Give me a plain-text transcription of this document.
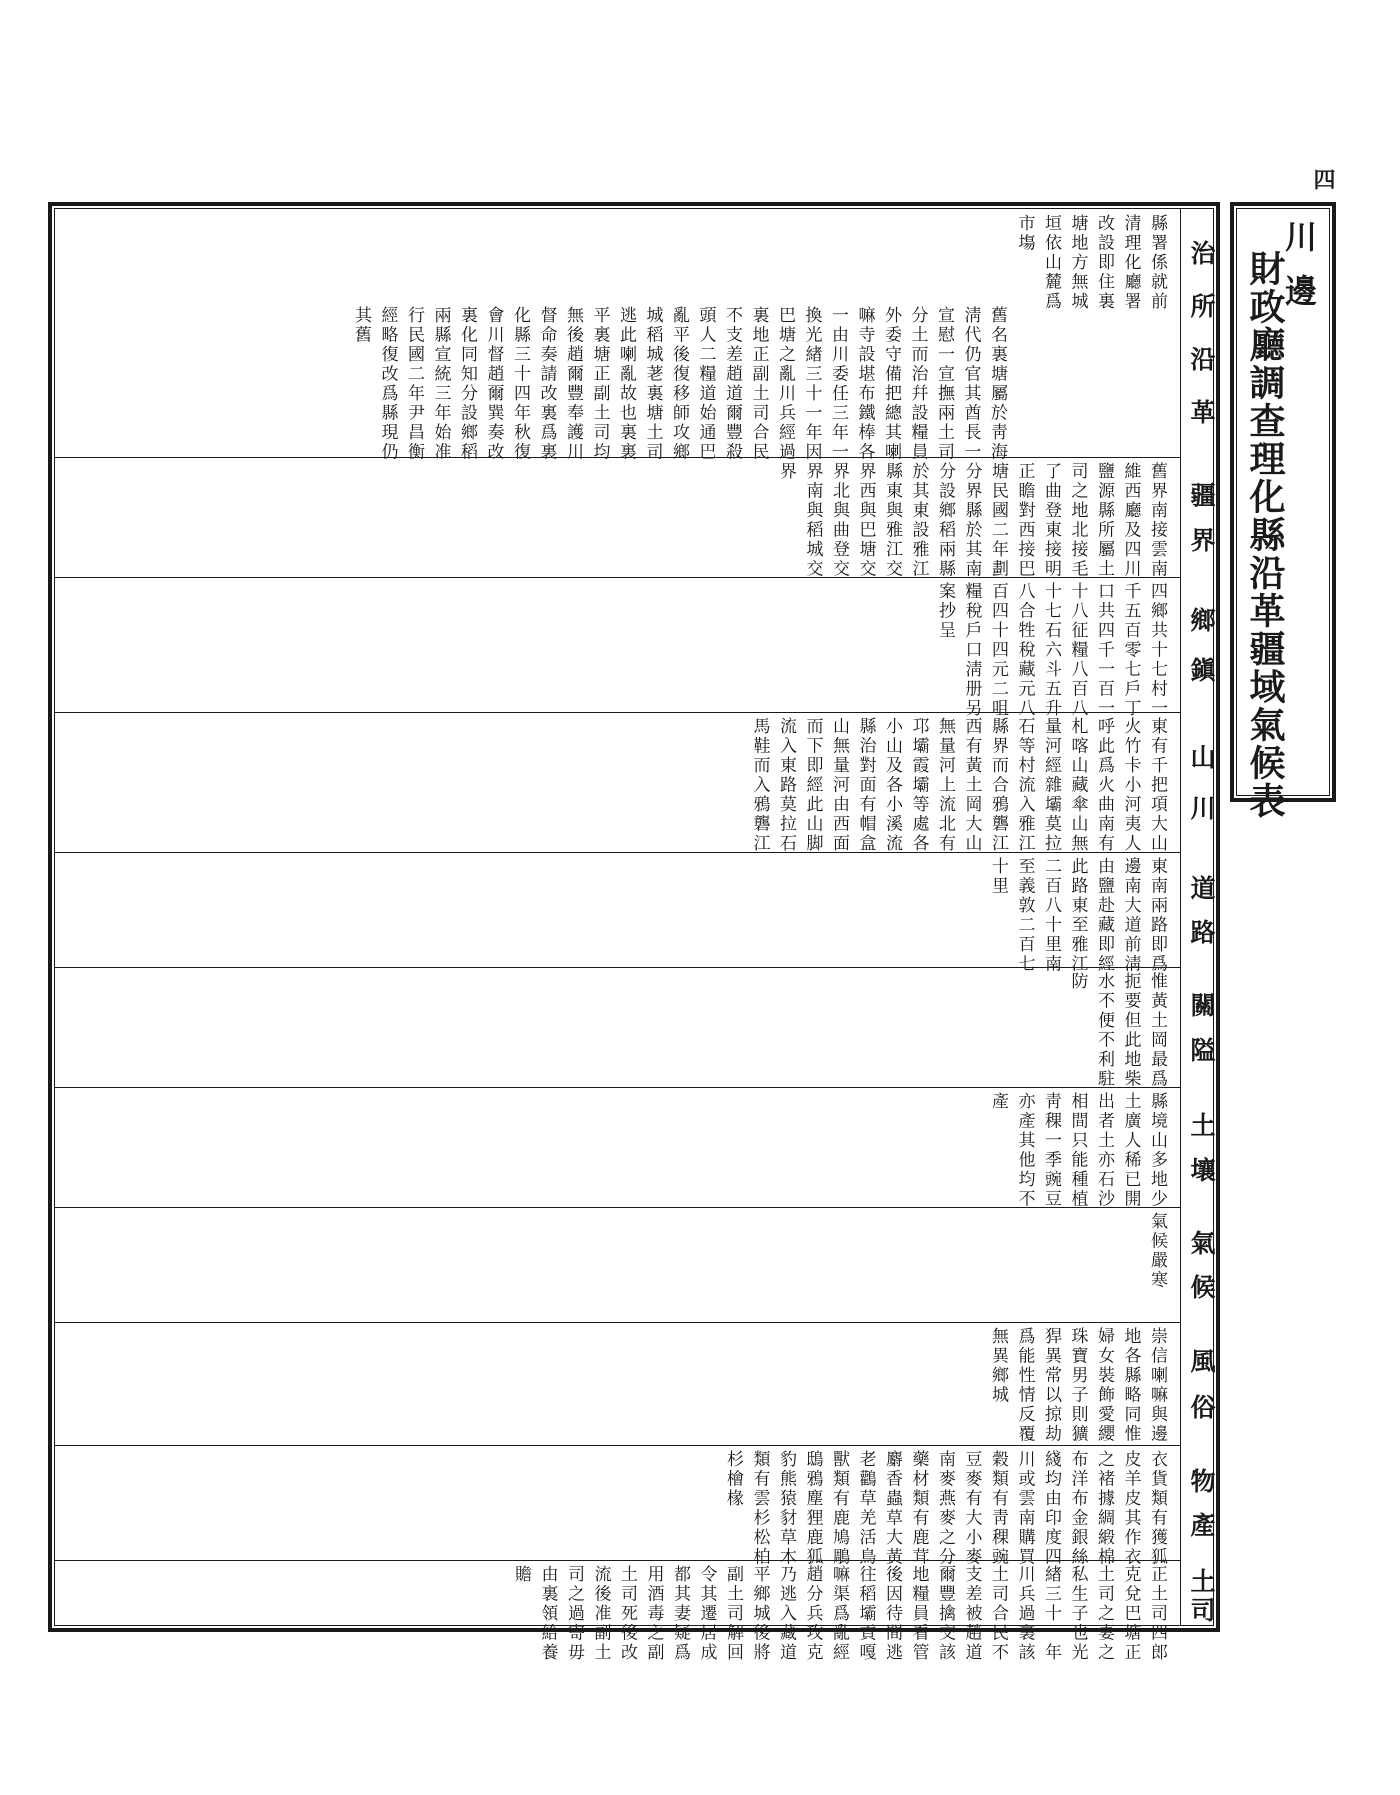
四
川邊
財政廳調查理化縣沿革疆域氣候表
治
所
沿
革
疆
界
鄉
鎭
山
川
道
路
關
隘
土
壤
氣
候
風
俗
物
產
土
司
縣署係就前
清理化廳署
改設即住裏
塘地方無城
垣依山麓爲
市塲
舊名裏塘屬於靑海
淸代仍官其酋長一
宣慰一宣撫兩土司
分土而治幷設糧員
外委守備把總其喇
嘛寺設堪布鐵棒各
一由川委任三年一
換光緖三十一年因
巴塘之亂川兵經過
裏地正副土司合民
不支差趙道爾豐殺
頭人二糧道始通巴
亂平後復移師攻鄉
城稻城荖裏塘土司
逃此喇亂故也裏裏
平裏塘正副土司均
無後趙爾豐奉護川
督命奏請改裏爲裏
化縣三十四年秋復
會川督趙爾巽奏改
裏化同知分設鄉稻
兩縣宣統三年始准
行民國二年尹昌衡
經略復改爲縣現仍
其舊
舊界南接雲南
維西廳及四川
鹽源縣所屬土
司之地北接毛
了曲登東接明
正瞻對西接巴
塘民國二年劃
分界縣於其南
分設鄉稻兩縣
於其東設雅江
縣東與雅江交
界西與巴塘交
界北與曲登交
界南與稻城交
界
四鄉共十七村一
千五百零七戶丁
口共四千一百一
十八征糧八百八
十七石六斗五升
八合牲稅藏元八
百四十四元二咀
糧稅戶口淸册另
案抄呈
東有千把項大山
火竹卡小河夷人
呼此爲火曲南有
札喀山藏傘山無
量河經雜壩莫拉
石等村流入雅江
縣界而合鴉礱江
西有黃土岡大山
無量河上流北有
邛壩霞壩等處各
小山及各小溪流
縣治對面有帽盒
山無量河由西面
而下即經此山脚
流入東路莫拉石
馬鞋而入鴉礱江
東南兩路即爲
邊南大道前淸
由鹽赴藏即經
此路東至雅江
二百八十里南
至義敦二百七
十里
惟黃土岡最爲
扼要但此地柴
水不便不利駐
防
縣境山多地少
土廣人稀已開
出者土亦石沙
相間只能種植
靑稞一季豌豆
亦產其他均不
產
氣候嚴寒
崇信喇嘛與邊
地各縣略同惟
婦女裝飾愛纓
珠寶男子則獷
猂異常以掠劫
爲能性情反覆
無異鄉城
衣貨類有獲狐
皮羊皮其作衣
之褚據綢緞棉
布洋布金銀絲
綫均由印度四
川或雲南購買
穀類有靑稞豌
豆麥有大小麥
南麥燕麥之分
藥材類有鹿茸
麝香蟲草大黃
老鸛草羌活鳥
獸類有鹿鳩鵰
鴟鴉塵狸鹿狐
豹熊猿豺草木
類有雲杉松柏
杉檜椽
正土司四郎
克兌巴塘正
土司之妻之
私生子也光
緖三十一年
川兵過裏該
土司合民不
支差被趙道
爾豐擒交該
地糧員看管
後因待間逃
往稻壩貢嘎
嘛渠爲亂經
趙分兵攻克
乃逃入藏道
平鄉城後將
副土司解回
令其遷居成
都其妻疑爲
用酒毒之副
土司死後改
流後准副土
司之過寄毋
由裏領給養
贍
